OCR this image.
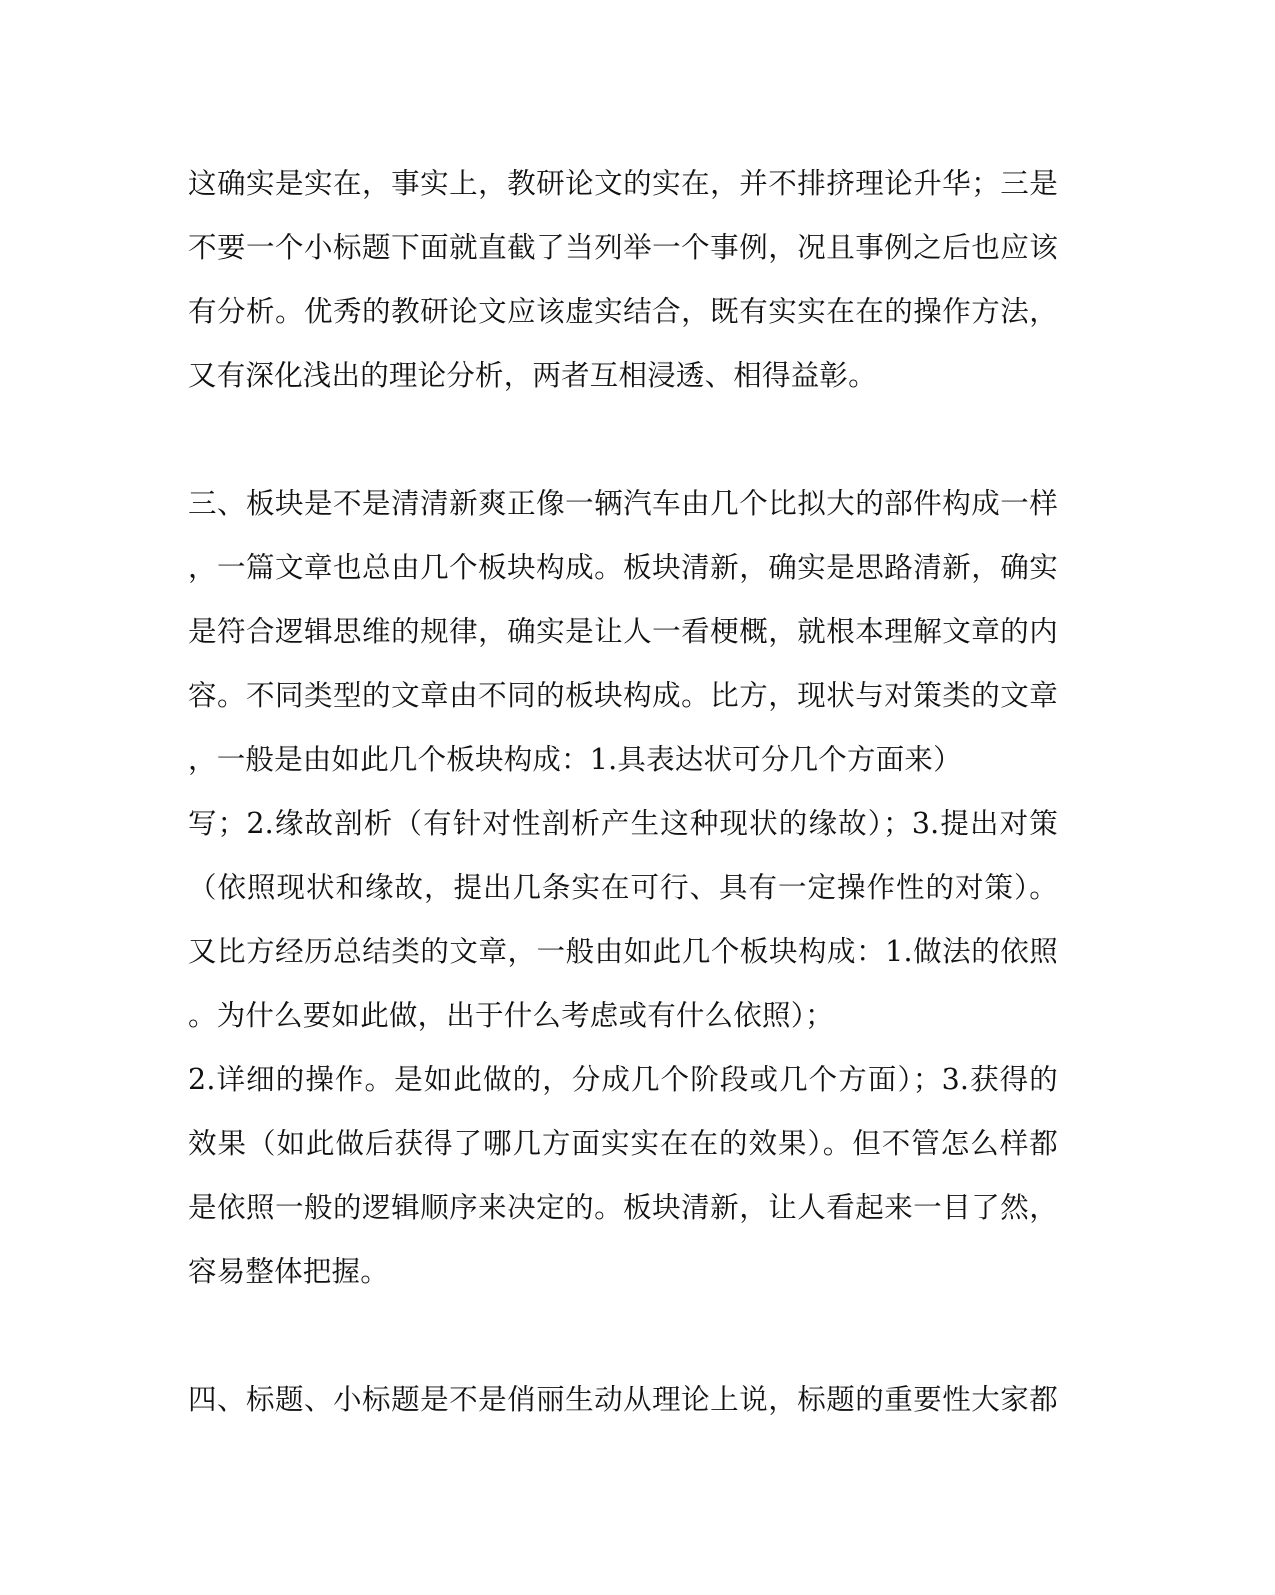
这确实是实在，事实上，教研论文的实在，并不排挤理论升华；三是
不要一个小标题下面就直截了当列举一个事例，况且事例之后也应该
有分析。优秀的教研论文应该虚实结合，既有实实在在的操作方法，
又有深化浅出的理论分析，两者互相浸透、相得益彰。
三、板块是不是清清新爽正像一辆汽车由几个比拟大的部件构成一样
，一篇文章也总由几个板块构成。板块清新，确实是思路清新，确实
是符合逻辑思维的规律，确实是让人一看梗概，就根本理解文章的内
容。不同类型的文章由不同的板块构成。比方，现状与对策类的文章
，一般是由如此几个板块构成：1.具表达状可分几个方面来）
写；2.缘故剖析（有针对性剖析产生这种现状的缘故）；3.提出对策
（依照现状和缘故，提出几条实在可行、具有一定操作性的对策）。
又比方经历总结类的文章，一般由如此几个板块构成：1.做法的依照
。为什么要如此做，出于什么考虑或有什么依照）；
2.详细的操作。是如此做的，分成几个阶段或几个方面）；3.获得的
效果（如此做后获得了哪几方面实实在在的效果）。但不管怎么样都
是依照一般的逻辑顺序来决定的。板块清新，让人看起来一目了然，
容易整体把握。
四、标题、小标题是不是俏丽生动从理论上说，标题的重要性大家都
